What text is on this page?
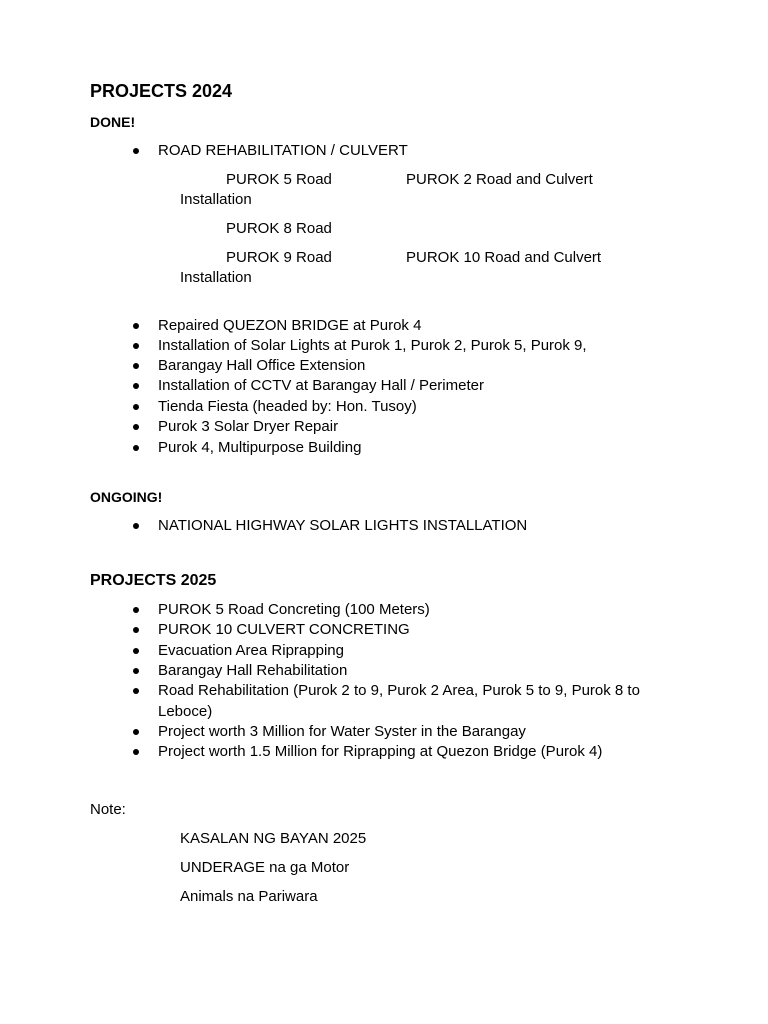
PROJECTS 2024
DONE!
ROAD REHABILITATION / CULVERT
PUROK 5 Road	PUROK 2 Road and Culvert
Installation
PUROK 8 Road
PUROK 9 Road	PUROK 10 Road and Culvert
Installation
Repaired QUEZON BRIDGE at Purok 4
Installation of Solar Lights at Purok 1, Purok 2, Purok 5, Purok 9,
Barangay Hall Office Extension
Installation of CCTV at Barangay Hall / Perimeter
Tienda Fiesta (headed by: Hon. Tusoy)
Purok 3 Solar Dryer Repair
Purok 4, Multipurpose Building
ONGOING!
NATIONAL HIGHWAY SOLAR LIGHTS INSTALLATION
PROJECTS 2025
PUROK 5 Road Concreting (100 Meters)
PUROK 10 CULVERT CONCRETING
Evacuation Area Riprapping
Barangay Hall Rehabilitation
Road Rehabilitation (Purok 2 to 9, Purok 2 Area, Purok 5 to 9, Purok 8 to
Leboce)
Project worth 3 Million for Water Syster in the Barangay
Project worth 1.5 Million for Riprapping at Quezon Bridge (Purok 4)
Note:
KASALAN NG BAYAN 2025
UNDERAGE na ga Motor
Animals na Pariwara
